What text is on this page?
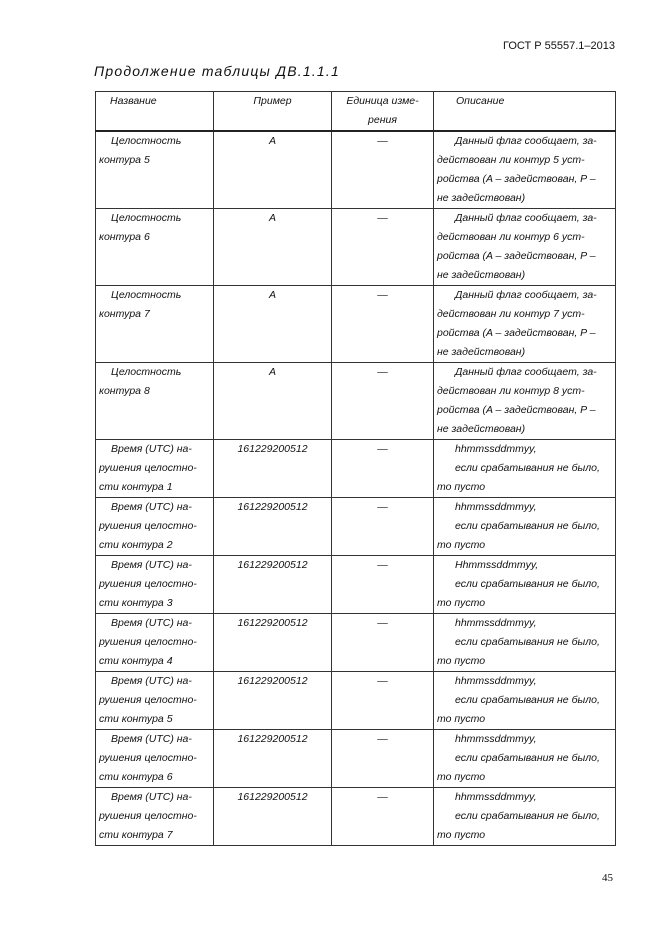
ГОСТ Р 55557.1–2013
Продолжение таблицы ДВ.1.1.1
Название	Пример	Единица изме-рения	Описание
Целостность контура 5	A	—	Данный флаг сообщает, за-
действован ли контур 5 уст-
ройства (A – задействован, P –
не задействован)

Целостность контура 6	A	—	Данный флаг сообщает, за-
действован ли контур 6 уст-
ройства (A – задействован, P –
не задействован)

Целостность контура 7	A	—	Данный флаг сообщает, за-
действован ли контур 7 уст-
ройства (A – задействован, P –
не задействован)

Целостность контура 8	A	—	Данный флаг сообщает, за-
действован ли контур 8 уст-
ройства (A – задействован, P –
не задействован)

Время (UTC) на-рушения целостно-сти контура 1	161229200512	—	hhmmssddmmyy,
если срабатывания не было,
то пусто

Время (UTC) на-рушения целостно-сти контура 2	161229200512	—	hhmmssddmmyy,
если срабатывания не было,
то пусто

Время (UTC) на-рушения целостно-сти контура 3	161229200512	—	Hhmmssddmmyy,
если срабатывания не было,
то пусто

Время (UTC) на-рушения целостно-сти контура 4	161229200512	—	hhmmssddmmyy,
если срабатывания не было,
то пусто

Время (UTC) на-рушения целостно-сти контура 5	161229200512	—	hhmmssddmmyy,
если срабатывания не было,
то пусто

Время (UTC) на-рушения целостно-сти контура 6	161229200512	—	hhmmssddmmyy,
если срабатывания не было,
то пусто

Время (UTC) на-рушения целостно-сти контура 7	161229200512	—	hhmmssddmmyy,
если срабатывания не было,
то пусто
45
